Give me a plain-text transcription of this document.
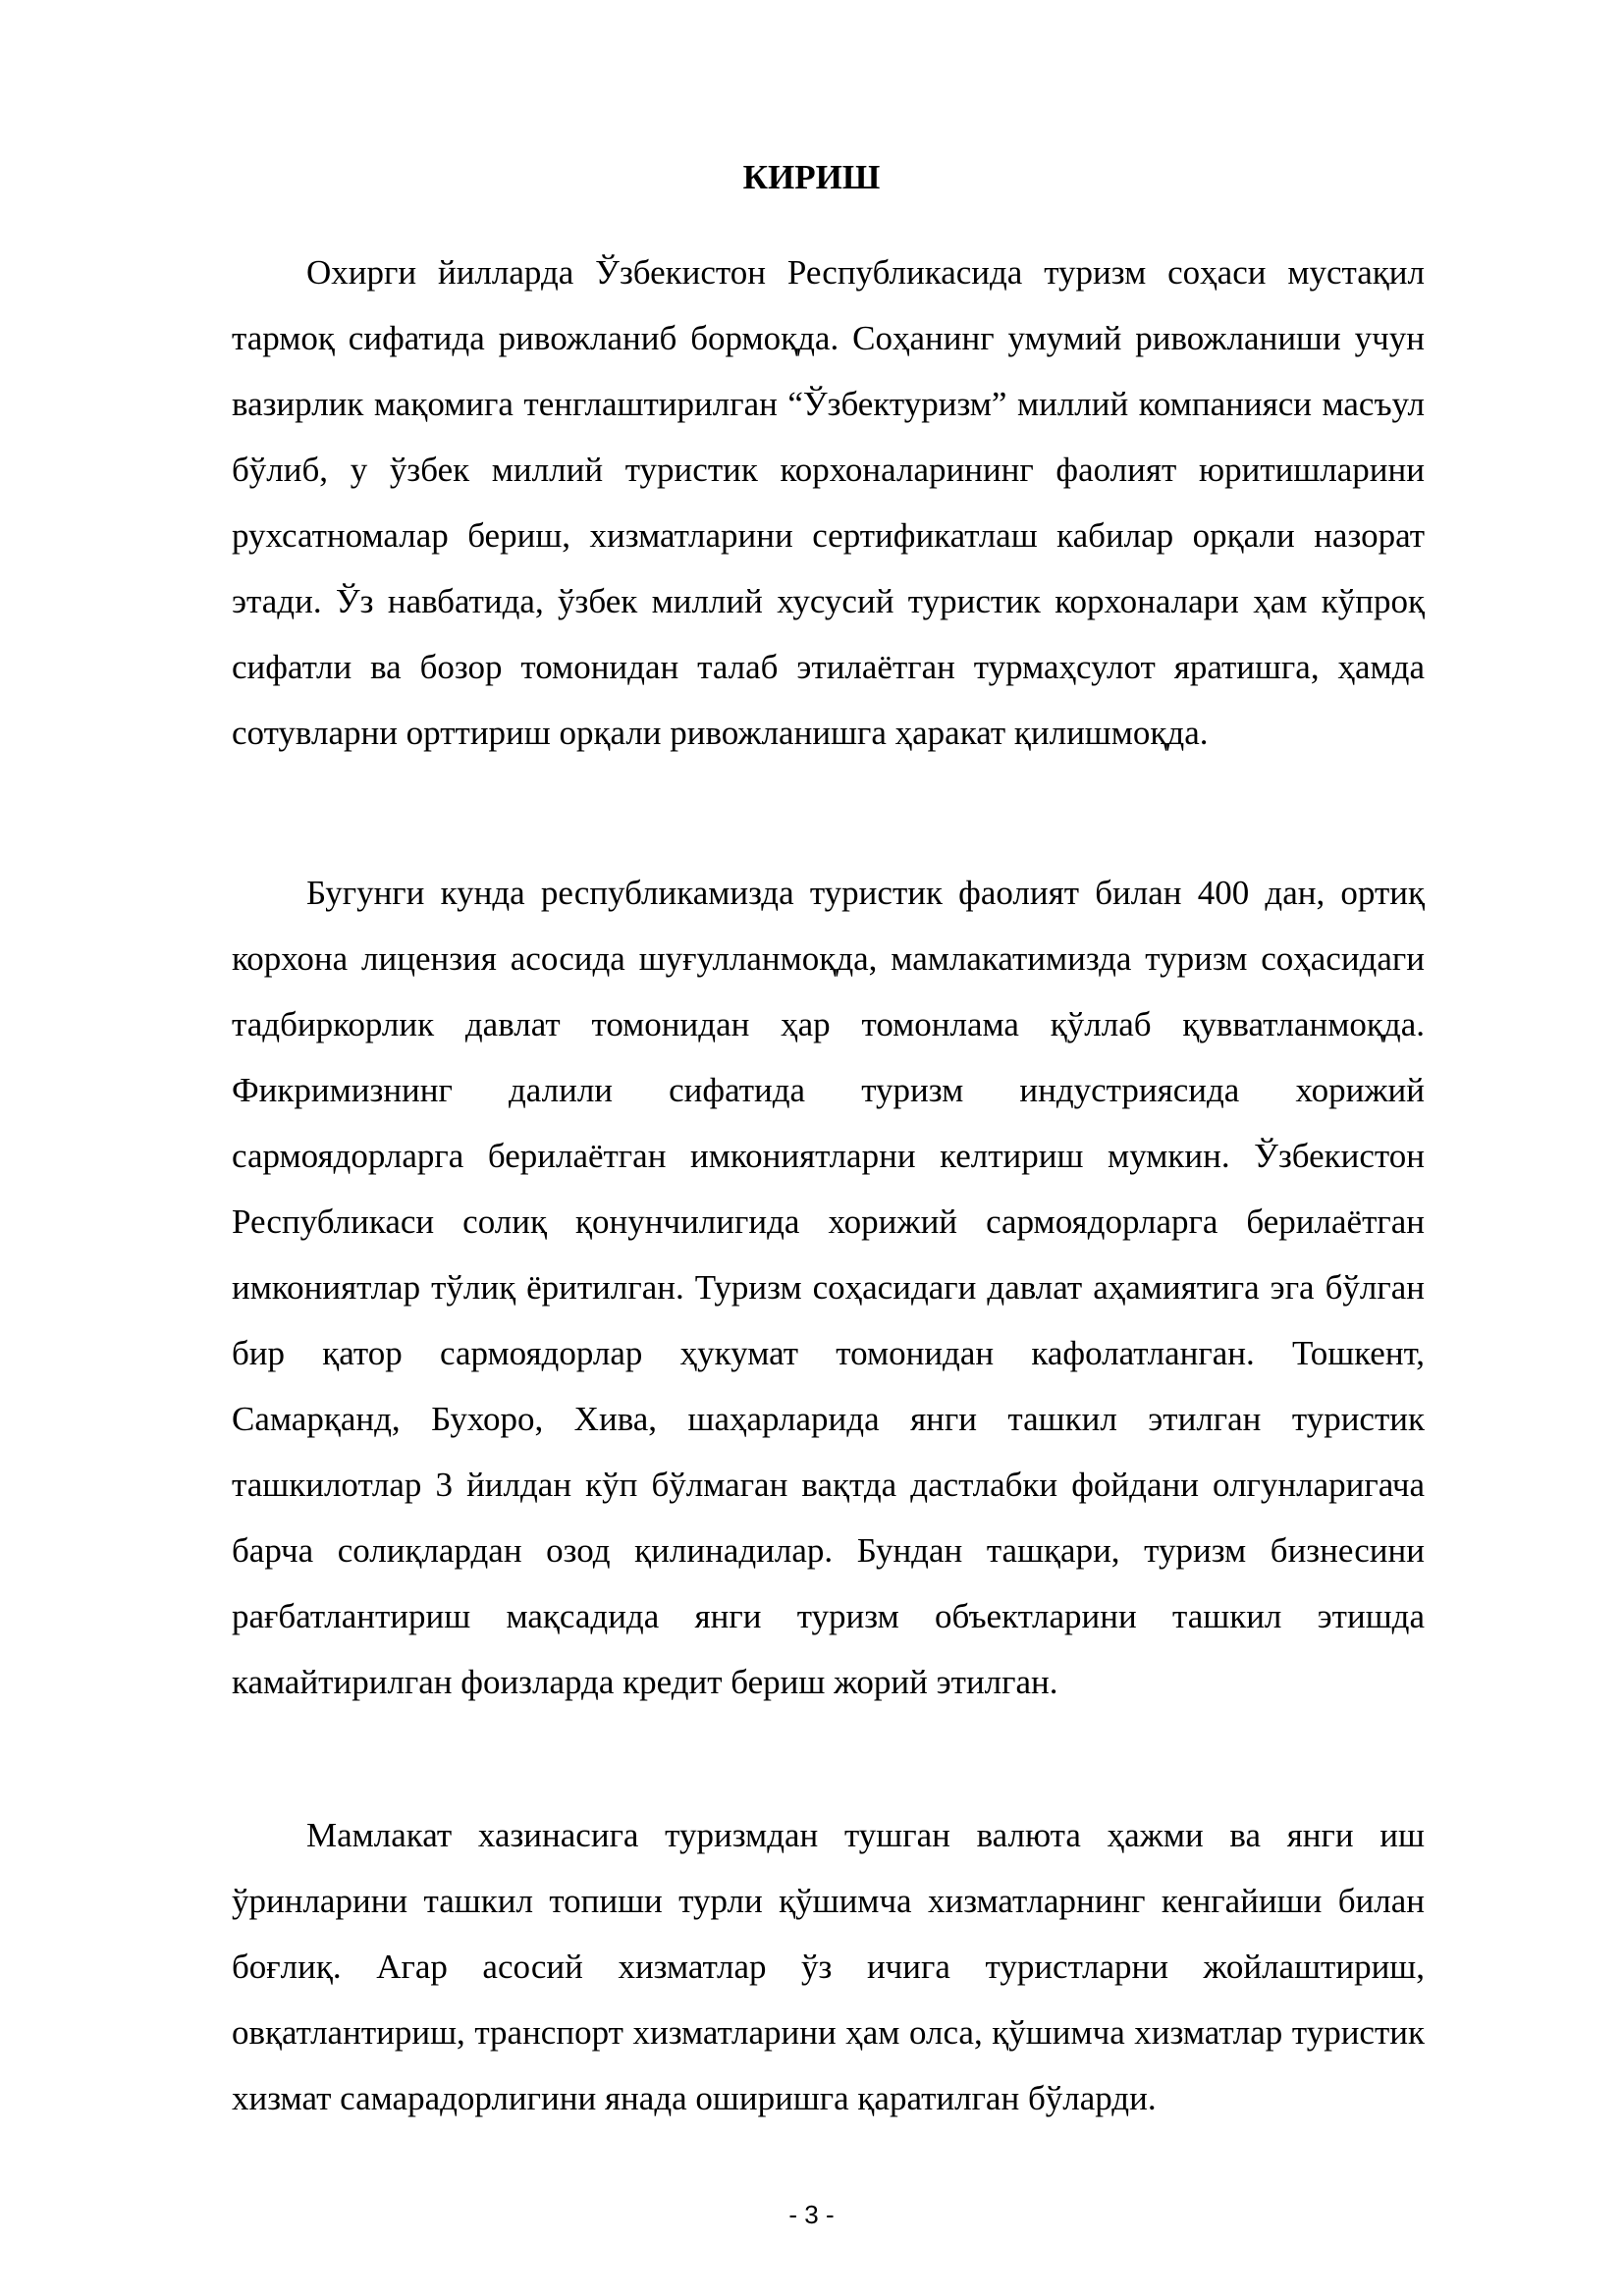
КИРИШ

Охирги йилларда Ўзбекистон Республикасида туризм соҳаси мустақил тармоқ сифатида ривожланиб бормоқда. Соҳанинг умумий ривожланиши учун вазирлик мақомига тенглаштирилган “Ўзбектуризм” миллий компанияси масъул бўлиб, у ўзбек миллий туристик корхоналарининг фаолият юритишларини рухсатномалар бериш, хизматларини сертификатлаш кабилар орқали назорат этади. Ўз навбатида, ўзбек миллий хусусий туристик корхоналари ҳам кўпроқ сифатли ва бозор томонидан талаб этилаётган турмаҳсулот яратишга, ҳамда сотувларни орттириш орқали ривожланишга ҳаракат қилишмоқда.

Бугунги кунда республикамизда туристик фаолият билан 400 дан, ортиқ корхона лицензия асосида шуғулланмоқда, мамлакатимизда туризм соҳасидаги тадбиркорлик давлат томонидан ҳар томонлама қўллаб қувватланмоқда. Фикримизнинг далили сифатида туризм индустриясида хорижий сармоядорларга берилаётган имкониятларни келтириш мумкин. Ўзбекистон Республикаси солиқ қонунчилигида хорижий сармоядорларга берилаётган имкониятлар тўлиқ ёритилган. Туризм соҳасидаги давлат аҳамиятига эга бўлган бир қатор сармоядорлар ҳукумат томонидан кафолатланган. Тошкент, Самарқанд, Бухоро, Хива, шаҳарларида янги ташкил этилган туристик ташкилотлар 3 йилдан кўп бўлмаган вақтда дастлабки фойдани олгунларигача барча солиқлардан озод қилинадилар. Бундан ташқари, туризм бизнесини рағбатлантириш мақсадида янги туризм объектларини ташкил этишда камайтирилган фоизларда кредит бериш жорий этилган.

Мамлакат хазинасига туризмдан тушган валюта ҳажми ва янги иш ўринларини ташкил топиши турли қўшимча хизматларнинг кенгайиши билан боғлиқ. Агар асосий хизматлар ўз ичига туристларни жойлаштириш, овқатлантириш, транспорт хизматларини ҳам олса, қўшимча хизматлар туристик хизмат самарадорлигини янада оширишга қаратилган бўларди.

- 3 -
